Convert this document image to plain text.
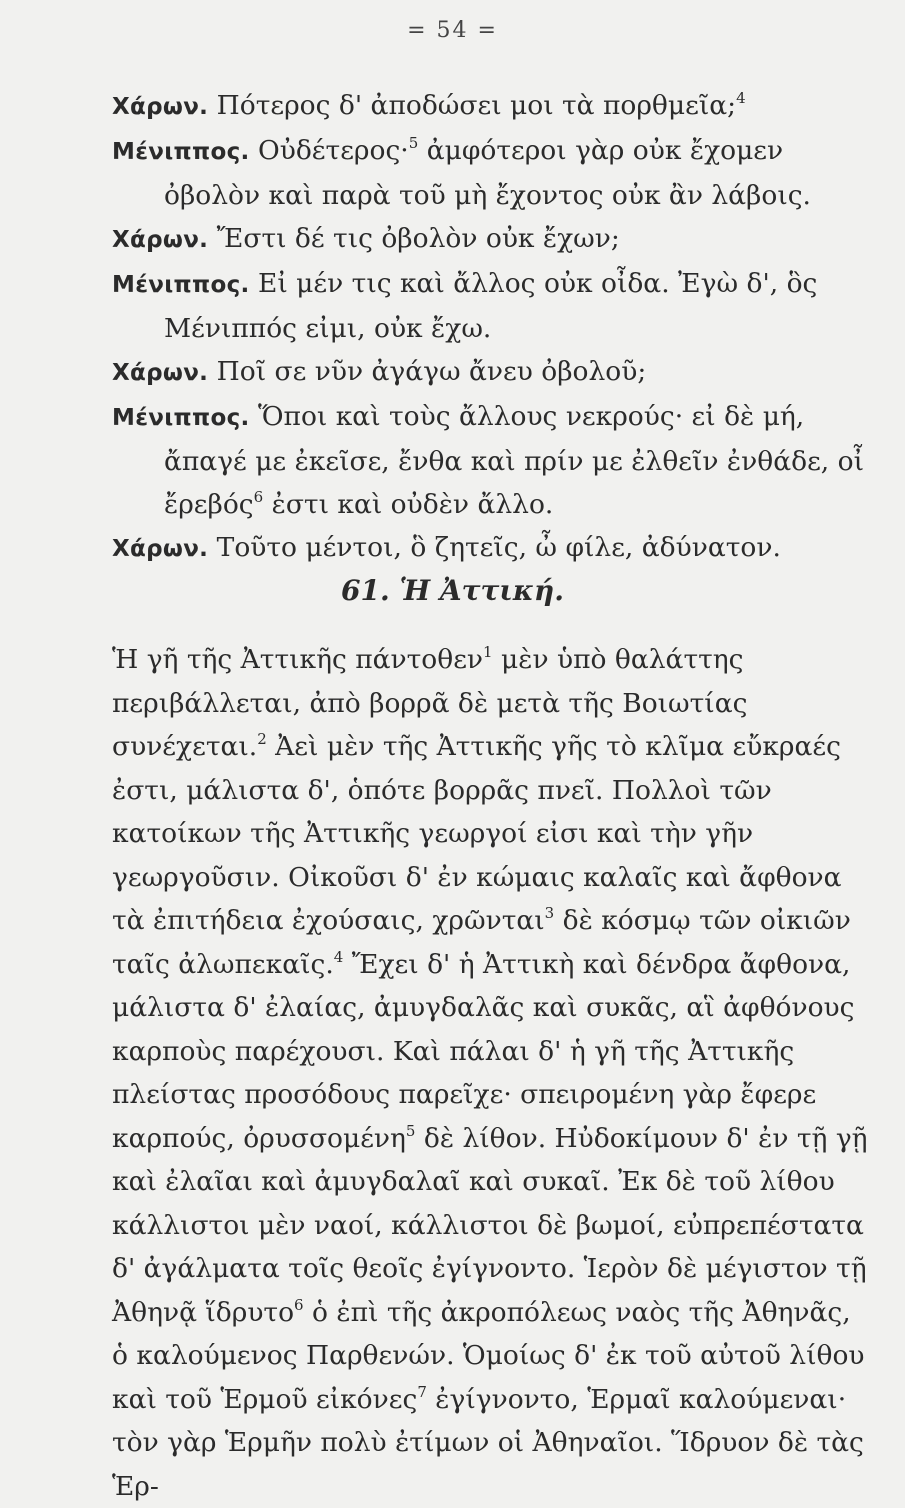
= 54 =

Χάρων. Πότερος δ' ἀποδώσει μοι τὰ πορθμεῖα;$^4$

Μένιππος. Οὐδέτερος·$^5$ ἀμφότεροι γὰρ οὐκ ἔχομεν ὀβολὸν καὶ παρὰ τοῦ μὴ ἔχοντος οὐκ ἂν λάβοις.

Χάρων. Ἔστι δέ τις ὀβολὸν οὐκ ἔχων;

Μένιππος. Εἰ μέν τις καὶ ἄλλος οὐκ οἶδα. Ἐγὼ δ', ὃς Μένιππός εἰμι, οὐκ ἔχω.

Χάρων. Ποῖ σε νῦν ἀγάγω ἄνευ ὀβολοῦ;

Μένιππος. Ὅποι καὶ τοὺς ἄλλους νεκρούς· εἰ δὲ μή, ἄπαγέ με ἐκεῖσε, ἔνθα καὶ πρίν με ἐλθεῖν ἐνθάδε, οἶ ἔρεβός$^6$ ἐστι καὶ οὐδὲν ἄλλο.

Χάρων. Τοῦτο μέντοι, ὃ ζητεῖς, ὦ φίλε, ἀδύνατον.

61. Ἡ Ἀττική.

Ἡ γῆ τῆς Ἀττικῆς πάντοθεν$^1$ μὲν ὑπὸ θαλάττης περιβάλλεται, ἀπὸ βορρᾶ δὲ μετὰ τῆς Βοιωτίας συνέχεται.$^2$ Ἀεὶ μὲν τῆς Ἀττικῆς γῆς τὸ κλῖμα εὔκραές ἐστι, μάλιστα δ', ὁπότε βορρᾶς πνεῖ. Πολλοὶ τῶν κατοίκων τῆς Ἀττικῆς γεωργοί εἰσι καὶ τὴν γῆν γεωργοῦσιν. Οἰκοῦσι δ' ἐν κώμαις καλαῖς καὶ ἄφθονα τὰ ἐπιτήδεια ἐχούσαις, χρῶνται$^3$ δὲ κόσμῳ τῶν οἰκιῶν ταῖς ἀλωπεκαῖς.$^4$ Ἔχει δ' ἡ Ἀττικὴ καὶ δένδρα ἄφθονα, μάλιστα δ' ἐλαίας, ἀμυγδαλᾶς καὶ συκᾶς, αἳ ἀφθόνους καρποὺς παρέχουσι. Καὶ πάλαι δ' ἡ γῆ τῆς Ἀττικῆς πλείστας προσόδους παρεῖχε· σπειρομένη γὰρ ἔφερε καρπούς, ὀρυσσομένη$^5$ δὲ λίθον. Ηὐδοκίμουν δ' ἐν τῇ γῇ καὶ ἐλαῖαι καὶ ἀμυγδαλαῖ καὶ συκαῖ. Ἐκ δὲ τοῦ λίθου κάλλιστοι μὲν ναοί, κάλλιστοι δὲ βωμοί, εὐπρεπέστατα δ' ἀγάλματα τοῖς θεοῖς ἐγίγνοντο. Ἱερὸν δὲ μέγιστον τῇ Ἀθηνᾷ ἵδρυτο$^6$ ὁ ἐπὶ τῆς ἀκροπόλεως ναὸς τῆς Ἀθηνᾶς, ὁ καλούμενος Παρθενών. Ὁμοίως δ' ἐκ τοῦ αὐτοῦ λίθου καὶ τοῦ Ἑρμοῦ εἰκόνες$^7$ ἐγίγνοντο, Ἑρμαῖ καλούμεναι· τὸν γὰρ Ἑρμῆν πολὺ ἐτίμων οἱ Ἀθηναῖοι. Ἵδρυον δὲ τὰς Ἑρ-
